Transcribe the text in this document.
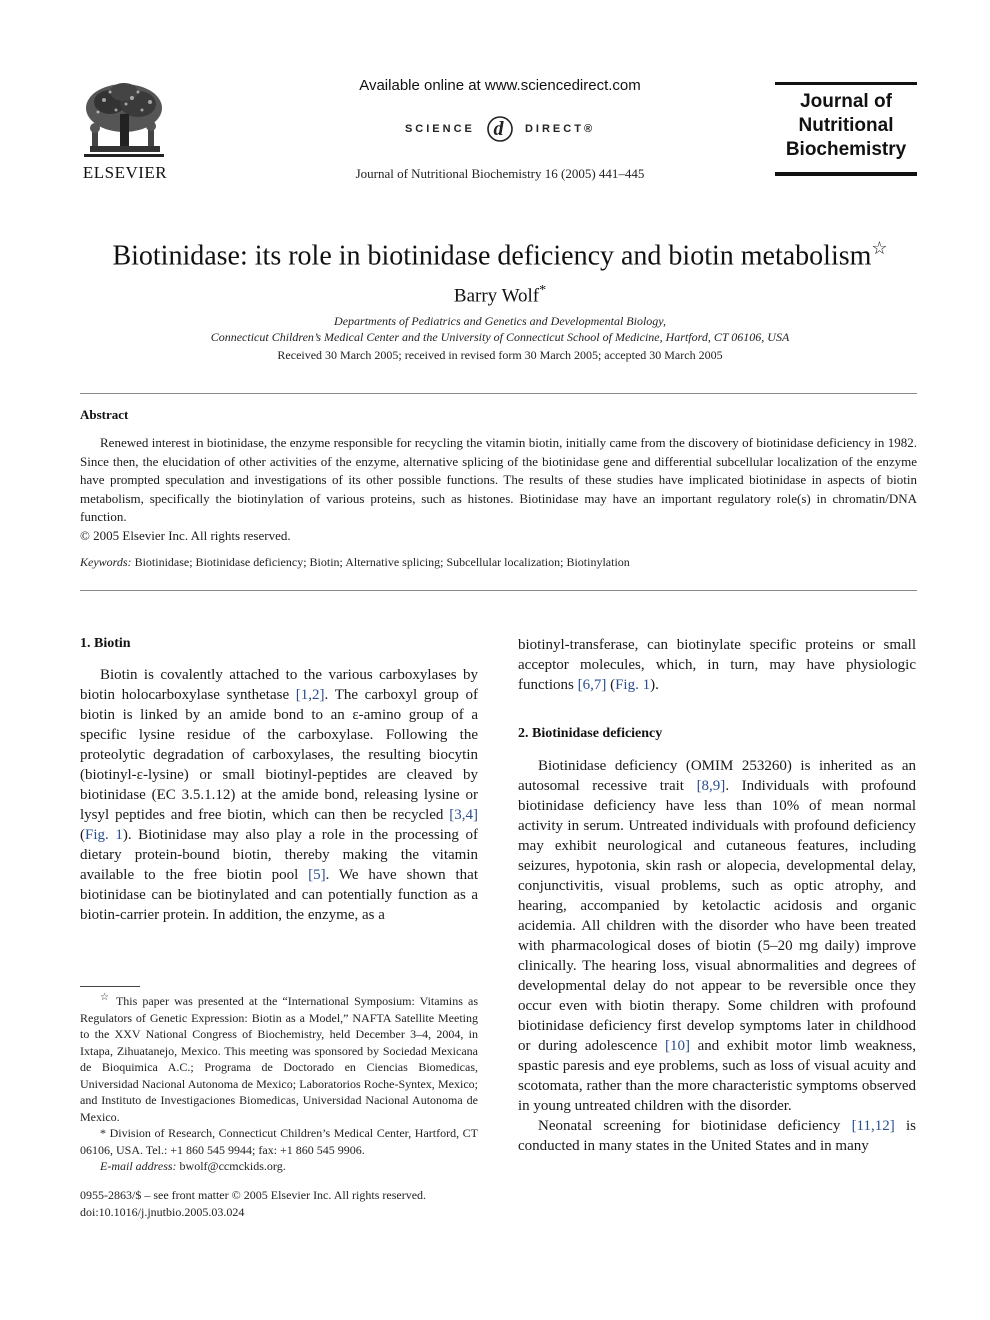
ELSEVIER
Available online at www.sciencedirect.com
SCIENCE d DIRECT®
Journal of Nutritional Biochemistry 16 (2005) 441–445
Journal of
Nutritional
Biochemistry
Biotinidase: its role in biotinidase deficiency and biotin metabolism☆
Barry Wolf*
Departments of Pediatrics and Genetics and Developmental Biology,
Connecticut Children’s Medical Center and the University of Connecticut School of Medicine, Hartford, CT 06106, USA
Received 30 March 2005; received in revised form 30 March 2005; accepted 30 March 2005
Abstract

Renewed interest in biotinidase, the enzyme responsible for recycling the vitamin biotin, initially came from the discovery of biotinidase deficiency in 1982. Since then, the elucidation of other activities of the enzyme, alternative splicing of the biotinidase gene and differential subcellular localization of the enzyme have prompted speculation and investigations of its other possible functions. The results of these studies have implicated biotinidase in aspects of biotin metabolism, specifically the biotinylation of various proteins, such as histones. Biotinidase may have an important regulatory role(s) in chromatin/DNA function.

© 2005 Elsevier Inc. All rights reserved.

Keywords: Biotinidase; Biotinidase deficiency; Biotin; Alternative splicing; Subcellular localization; Biotinylation
1. Biotin

Biotin is covalently attached to the various carboxylases by biotin holocarboxylase synthetase [1,2]. The carboxyl group of biotin is linked by an amide bond to an ε-amino group of a specific lysine residue of the carboxylase. Following the proteolytic degradation of carboxylases, the resulting biocytin (biotinyl-ε-lysine) or small biotinyl-peptides are cleaved by biotinidase (EC 3.5.1.12) at the amide bond, releasing lysine or lysyl peptides and free biotin, which can then be recycled [3,4] (Fig. 1). Biotinidase may also play a role in the processing of dietary protein-bound biotin, thereby making the vitamin available to the free biotin pool [5]. We have shown that biotinidase can be biotinylated and can potentially function as a biotin-carrier protein. In addition, the enzyme, as a

☆ This paper was presented at the “International Symposium: Vitamins as Regulators of Genetic Expression: Biotin as a Model,” NAFTA Satellite Meeting to the XXV National Congress of Biochemistry, held December 3–4, 2004, in Ixtapa, Zihuatanejo, Mexico. This meeting was sponsored by Sociedad Mexicana de Bioquimica A.C.; Programa de Doctorado en Ciencias Biomedicas, Universidad Nacional Autonoma de Mexico; Laboratorios Roche-Syntex, Mexico; and Instituto de Investigaciones Biomedicas, Universidad Nacional Autonoma de Mexico.

* Division of Research, Connecticut Children’s Medical Center, Hartford, CT 06106, USA. Tel.: +1 860 545 9944; fax: +1 860 545 9906.

E-mail address: bwolf@ccmckids.org.

0955-2863/$ – see front matter © 2005 Elsevier Inc. All rights reserved.
doi:10.1016/j.jnutbio.2005.03.024

biotinyl-transferase, can biotinylate specific proteins or small acceptor molecules, which, in turn, may have physiologic functions [6,7] (Fig. 1).

2. Biotinidase deficiency

Biotinidase deficiency (OMIM 253260) is inherited as an autosomal recessive trait [8,9]. Individuals with profound biotinidase deficiency have less than 10% of mean normal activity in serum. Untreated individuals with profound deficiency may exhibit neurological and cutaneous features, including seizures, hypotonia, skin rash or alopecia, developmental delay, conjunctivitis, visual problems, such as optic atrophy, and hearing, accompanied by ketolactic acidosis and organic acidemia. All children with the disorder who have been treated with pharmacological doses of biotin (5–20 mg daily) improve clinically. The hearing loss, visual abnormalities and degrees of developmental delay do not appear to be reversible once they occur even with biotin therapy. Some children with profound biotinidase deficiency first develop symptoms later in childhood or during adolescence [10] and exhibit motor limb weakness, spastic paresis and eye problems, such as loss of visual acuity and scotomata, rather than the more characteristic symptoms observed in young untreated children with the disorder.

Neonatal screening for biotinidase deficiency [11,12] is conducted in many states in the United States and in many
